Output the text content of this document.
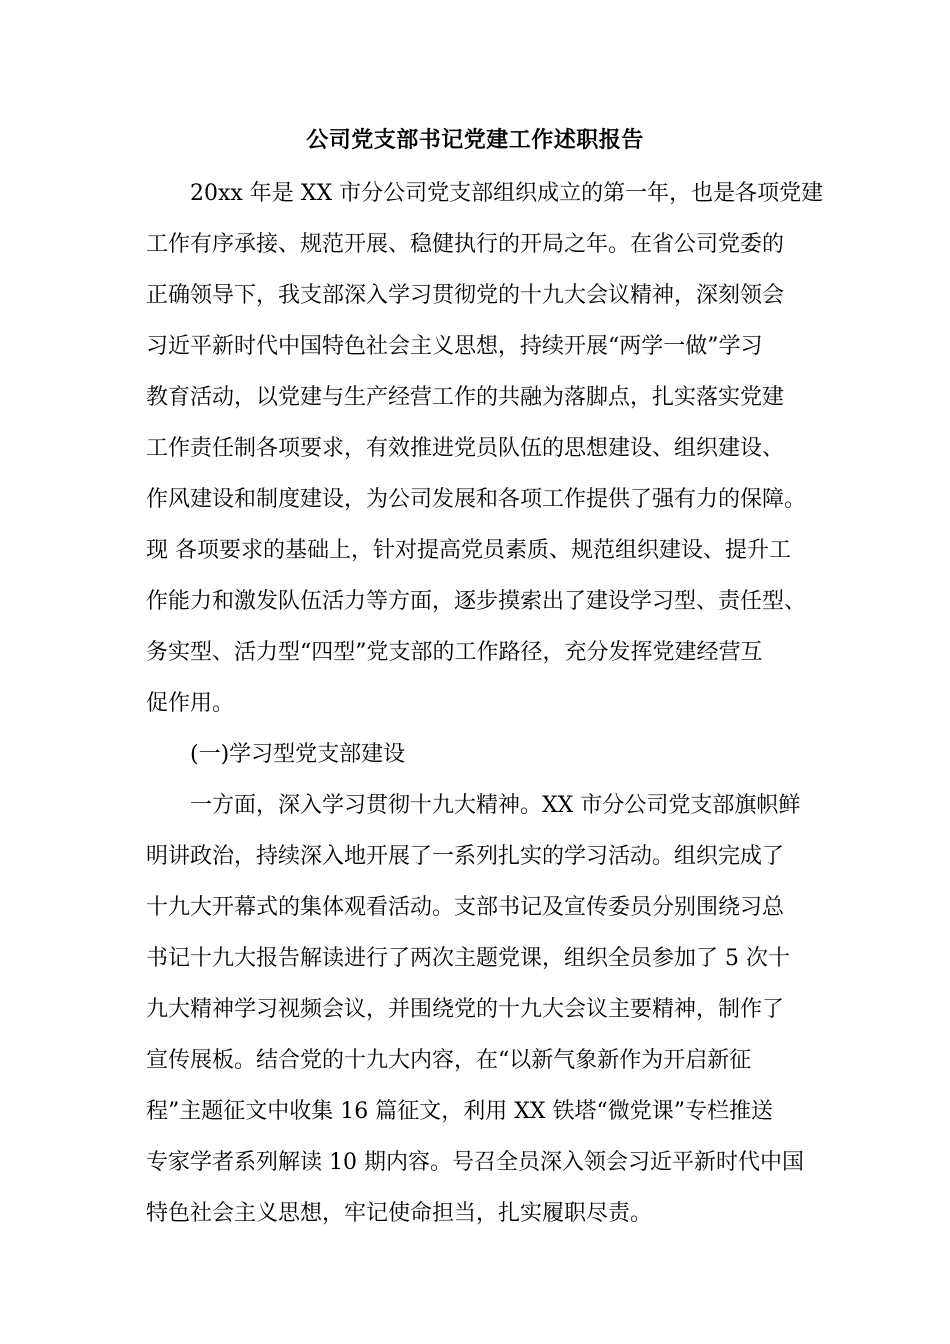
公司党支部书记党建工作述职报告
20xx 年是 XX 市分公司党支部组织成立的第一年，也是各项党建
工作有序承接、规范开展、稳健执行的开局之年。在省公司党委的
正确领导下，我支部深入学习贯彻党的十九大会议精神，深刻领会
习近平新时代中国特色社会主义思想，持续开展“两学一做”学习
教育活动，以党建与生产经营工作的共融为落脚点，扎实落实党建
工作责任制各项要求，有效推进党员队伍的思想建设、组织建设、
作风建设和制度建设，为公司发展和各项工作提供了强有力的保障。
现 各项要求的基础上，针对提高党员素质、规范组织建设、提升工
作能力和激发队伍活力等方面，逐步摸索出了建设学习型、责任型、
务实型、活力型“四型”党支部的工作路径，充分发挥党建经营互
促作用。
(一)学习型党支部建设
一方面，深入学习贯彻十九大精神。XX 市分公司党支部旗帜鲜
明讲政治，持续深入地开展了一系列扎实的学习活动。组织完成了
十九大开幕式的集体观看活动。支部书记及宣传委员分别围绕习总
书记十九大报告解读进行了两次主题党课，组织全员参加了 5 次十
九大精神学习视频会议，并围绕党的十九大会议主要精神，制作了
宣传展板。结合党的十九大内容，在“以新气象新作为开启新征
程”主题征文中收集 16 篇征文，利用 XX 铁塔“微党课”专栏推送
专家学者系列解读 10 期内容。号召全员深入领会习近平新时代中国
特色社会主义思想，牢记使命担当，扎实履职尽责。
